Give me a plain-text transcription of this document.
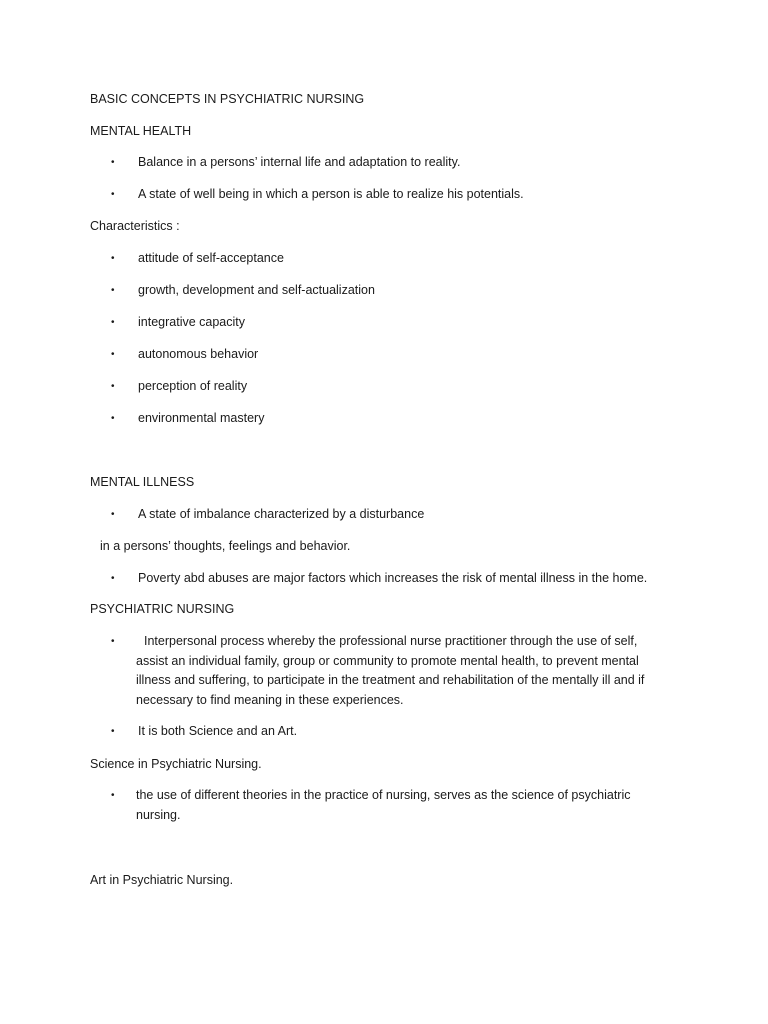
BASIC CONCEPTS IN PSYCHIATRIC NURSING
MENTAL HEALTH
•	Balance in a persons’ internal life and adaptation to reality.
•	A state of well being in which a person is able to realize his potentials.
Characteristics :
•	attitude of self-acceptance
•	growth, development and self-actualization
•	integrative capacity
•	autonomous behavior
•	perception of reality
•	environmental mastery
MENTAL ILLNESS
•	A state of imbalance characterized by a disturbance
in a persons’ thoughts, feelings and behavior.
•	Poverty abd abuses are major factors which increases the risk of mental illness in the home.
PSYCHIATRIC NURSING
•	Interpersonal process whereby the professional nurse practitioner through the use of self,
assist an individual family, group or community to promote mental health, to prevent mental
illness and suffering, to participate in the treatment and rehabilitation of the mentally ill and if
necessary to find meaning in these experiences.
•	It is both Science and an Art.
Science in Psychiatric Nursing.
•	the use of different theories in the practice of nursing, serves as the science of psychiatric
nursing.
Art in Psychiatric Nursing.
